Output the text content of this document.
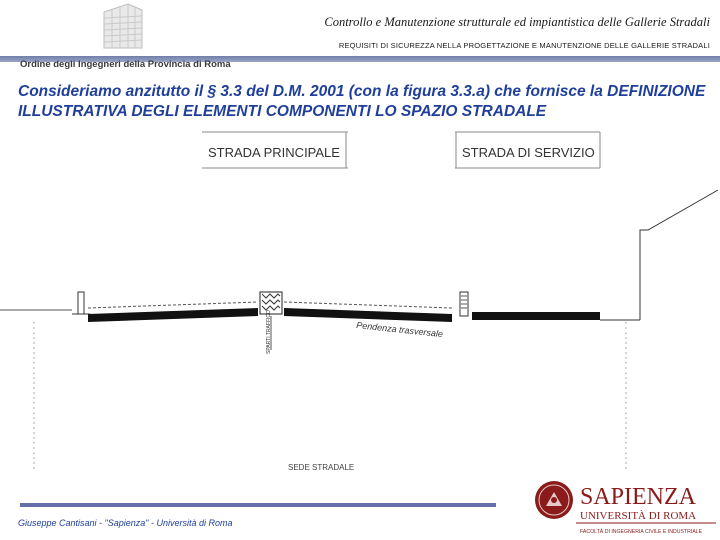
Controllo e Manutenzione strutturale ed impiantistica delle Gallerie Stradali
REQUISITI DI SICUREZZA NELLA PROGETTAZIONE E MANUTENZIONE DELLE GALLERIE STRADALI
Ordine degli Ingegneri della Provincia di Roma
Consideriamo anzitutto il § 3.3 del D.M. 2001 (con la figura 3.3.a) che fornisce la DEFINIZIONE ILLUSTRATIVA DEGLI ELEMENTI COMPONENTI LO SPAZIO STRADALE
STRADA PRINCIPALE	STRADA DI SERVIZIO
SPARTI TRAFFICO	Pendenza trasversale
SEDE STRADALE
Giuseppe Cantisani - "Sapienza" - Università di Roma
SAPIENZA
UNIVERSITÀ DI ROMA
FACOLTÀ DI INGEGNERIA CIVILE E INDUSTRIALE
